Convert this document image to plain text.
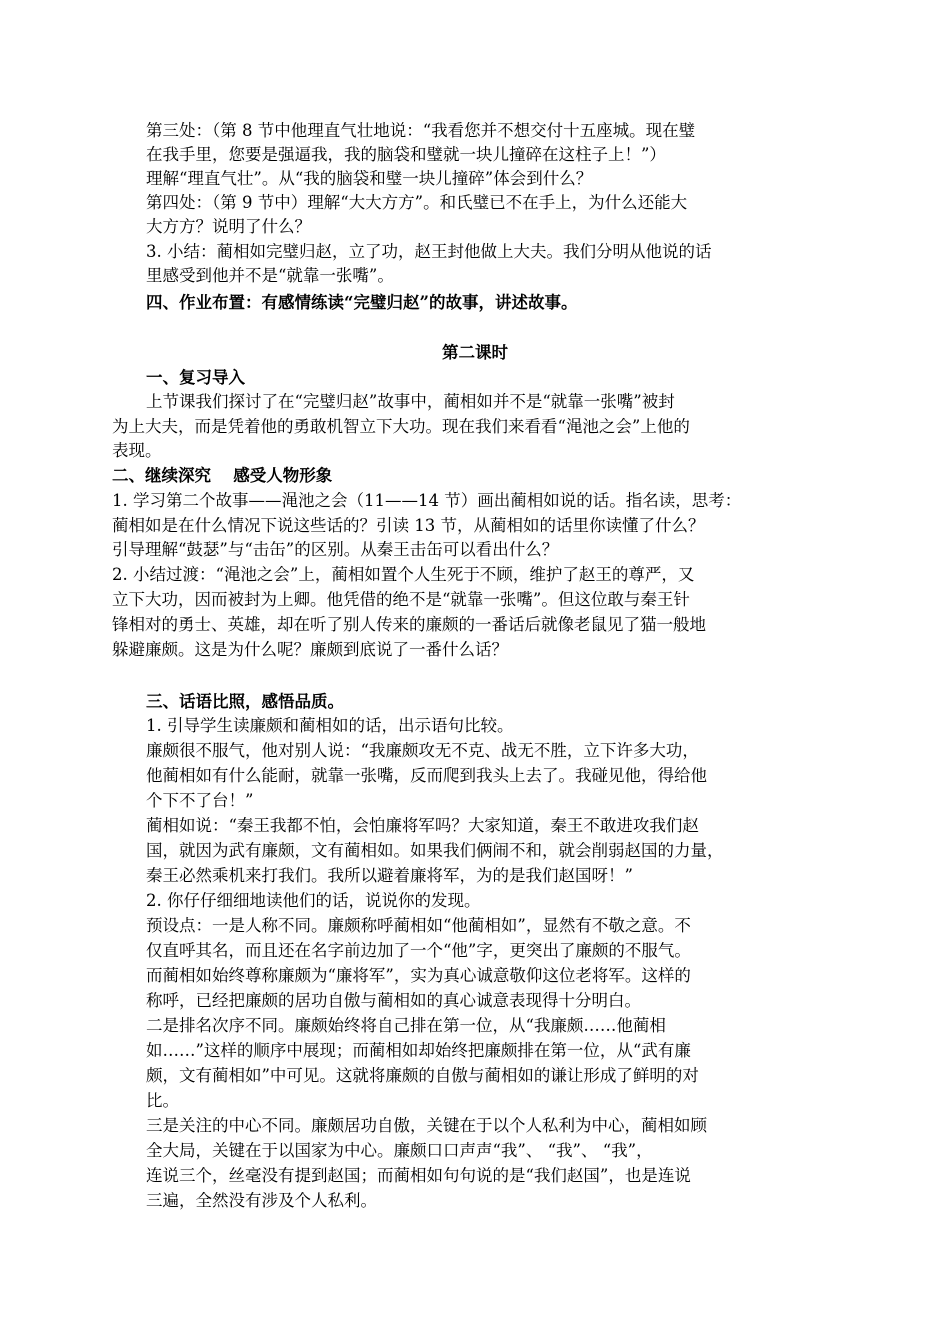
第三处：（第 8 节中他理直气壮地说：“我看您并不想交付十五座城。现在璧
在我手里，您要是强逼我，我的脑袋和璧就一块儿撞碎在这柱子上！”）
理解“理直气壮”。从“我的脑袋和璧一块儿撞碎”体会到什么？
第四处：（第 9 节中）理解“大大方方”。和氏璧已不在手上，为什么还能大
大方方？说明了什么？
3. 小结：蔺相如完璧归赵，立了功，赵王封他做上大夫。我们分明从他说的话
里感受到他并不是“就靠一张嘴”。
四、作业布置：有感情练读“完璧归赵”的故事，讲述故事。
第二课时
一、复习导入
上节课我们探讨了在“完璧归赵”故事中，蔺相如并不是“就靠一张嘴”被封
为上大夫，而是凭着他的勇敢机智立下大功。现在我们来看看“渑池之会”上他的
表现。
二、继续深究　 感受人物形象
1. 学习第二个故事——渑池之会（11——14 节）画出蔺相如说的话。指名读，思考：
蔺相如是在什么情况下说这些话的？引读 13 节，从蔺相如的话里你读懂了什么？
引导理解“鼓瑟”与“击缶”的区别。从秦王击缶可以看出什么？
2. 小结过渡：“渑池之会”上，蔺相如置个人生死于不顾，维护了赵王的尊严，又
立下大功，因而被封为上卿。他凭借的绝不是“就靠一张嘴”。但这位敢与秦王针
锋相对的勇士、英雄，却在听了别人传来的廉颇的一番话后就像老鼠见了猫一般地
躲避廉颇。这是为什么呢？廉颇到底说了一番什么话？
三、话语比照，感悟品质。
1. 引导学生读廉颇和蔺相如的话，出示语句比较。
廉颇很不服气，他对别人说：“我廉颇攻无不克、战无不胜，立下许多大功，
他蔺相如有什么能耐，就靠一张嘴，反而爬到我头上去了。我碰见他，得给他
个下不了台！”
蔺相如说：“秦王我都不怕，会怕廉将军吗？大家知道，秦王不敢进攻我们赵
国，就因为武有廉颇，文有蔺相如。如果我们俩闹不和，就会削弱赵国的力量，
秦王必然乘机来打我们。我所以避着廉将军，为的是我们赵国呀！”
2. 你仔仔细细地读他们的话，说说你的发现。
预设点：一是人称不同。廉颇称呼蔺相如“他蔺相如”，显然有不敬之意。不
仅直呼其名，而且还在名字前边加了一个“他”字，更突出了廉颇的不服气。
而蔺相如始终尊称廉颇为“廉将军”，实为真心诚意敬仰这位老将军。这样的
称呼，已经把廉颇的居功自傲与蔺相如的真心诚意表现得十分明白。
二是排名次序不同。廉颇始终将自己排在第一位，从“我廉颇……他蔺相
如……”这样的顺序中展现；而蔺相如却始终把廉颇排在第一位，从“武有廉
颇，文有蔺相如”中可见。这就将廉颇的自傲与蔺相如的谦让形成了鲜明的对
比。
三是关注的中心不同。廉颇居功自傲，关键在于以个人私利为中心，蔺相如顾
全大局，关键在于以国家为中心。廉颇口口声声“我”、 “我”、 “我”，
连说三个，丝毫没有提到赵国；而蔺相如句句说的是“我们赵国”，也是连说
三遍，全然没有涉及个人私利。
